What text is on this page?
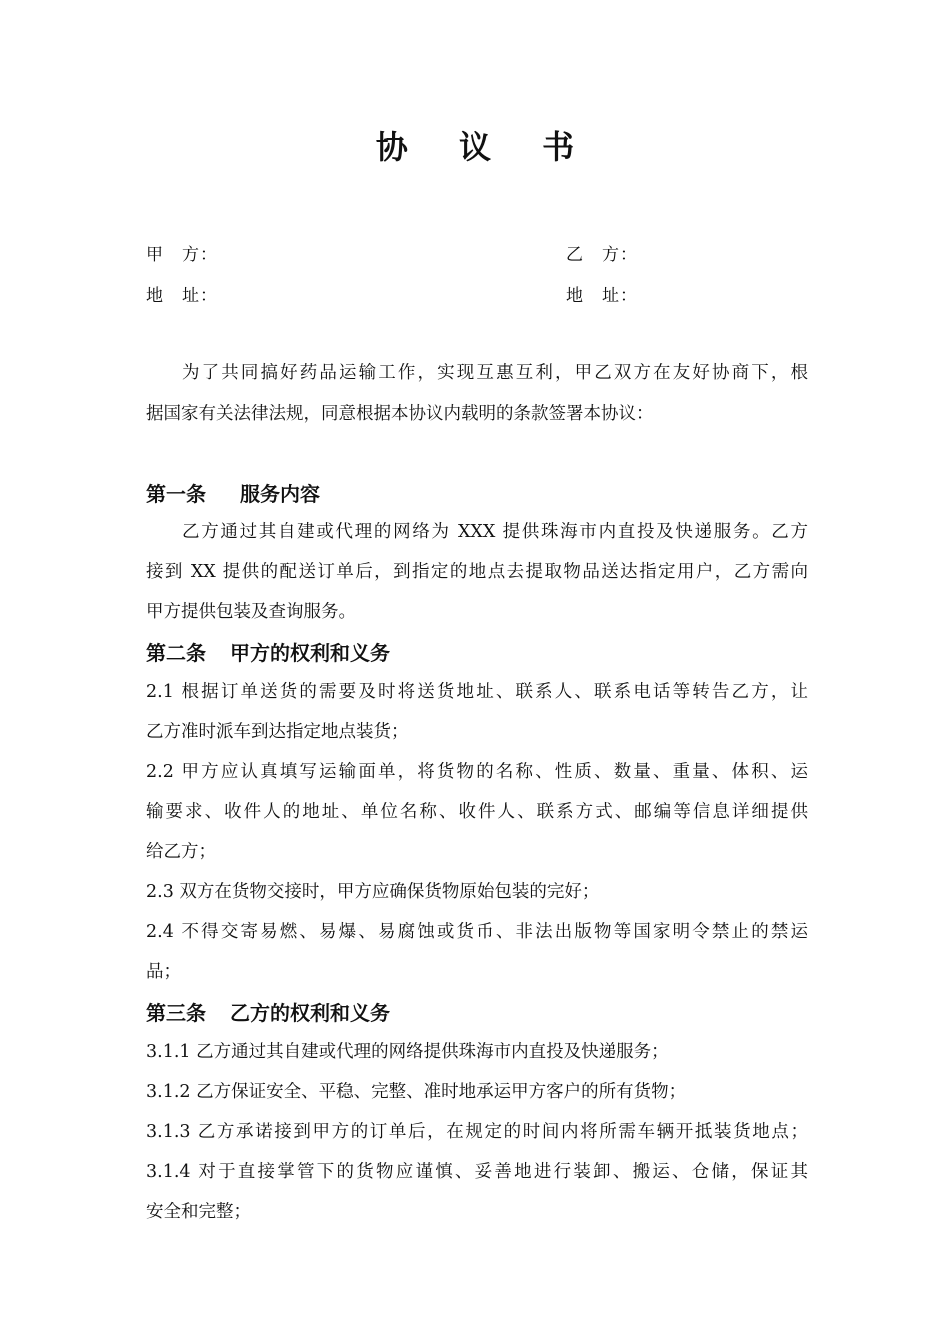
协 议 书
甲　方：	乙　方：
地　址：	地　址：
为了共同搞好药品运输工作，实现互惠互利，甲乙双方在友好协商下，根
据国家有关法律法规，同意根据本协议内载明的条款签署本协议：
第一条 服务内容
乙方通过其自建或代理的网络为 XXX 提供珠海市内直投及快递服务。乙方
接到 XX 提供的配送订单后，到指定的地点去提取物品送达指定用户，乙方需向
甲方提供包装及查询服务。
第二条 甲方的权利和义务
2.1 根据订单送货的需要及时将送货地址、联系人、联系电话等转告乙方，让
乙方准时派车到达指定地点装货；
2.2 甲方应认真填写运输面单，将货物的名称、性质、数量、重量、体积、运
输要求、收件人的地址、单位名称、收件人、联系方式、邮编等信息详细提供
给乙方；
2.3 双方在货物交接时，甲方应确保货物原始包装的完好；
2.4 不得交寄易燃、易爆、易腐蚀或货币、非法出版物等国家明令禁止的禁运
品；
第三条 乙方的权利和义务
3.1.1 乙方通过其自建或代理的网络提供珠海市内直投及快递服务；
3.1.2 乙方保证安全、平稳、完整、准时地承运甲方客户的所有货物；
3.1.3 乙方承诺接到甲方的订单后，在规定的时间内将所需车辆开抵装货地点；
3.1.4 对于直接掌管下的货物应谨慎、妥善地进行装卸、搬运、仓储，保证其
安全和完整；
